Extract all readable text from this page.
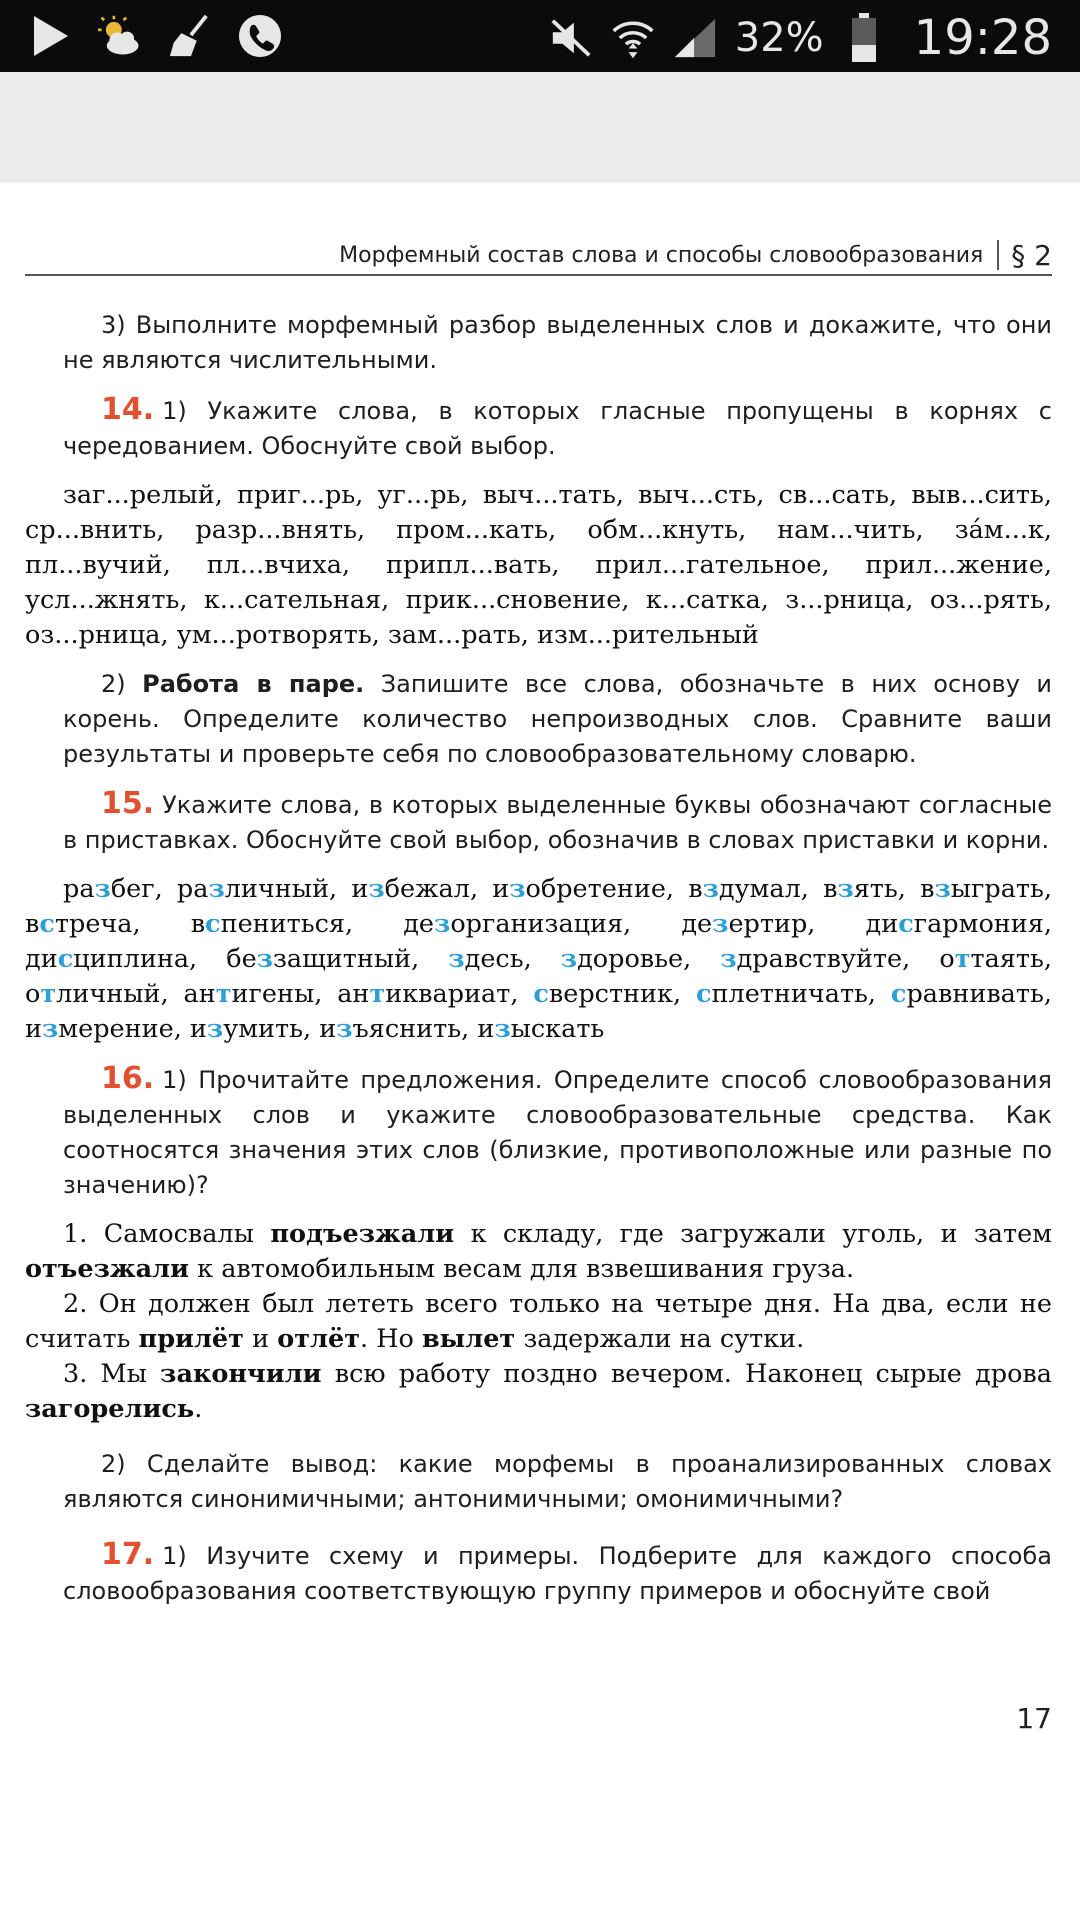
32% 19:28
Морфемный состав слова и способы словообразования	§ 2

3) Выполните морфемный разбор выделенных слов и докажите, что они не являются числительными.

14. 1) Укажите слова, в которых гласные пропущены в корнях с чередованием. Обоснуйте свой выбор.

заг...релый, приг...рь, уг...рь, выч...тать, выч...сть, св...сать, выв...сить, ср...внить, разр...внять, пром...кать, обм...кнуть, нам...чить, за́м...к, пл...вучий, пл...вчиха, припл...вать, прил...гательное, прил...жение, усл...жнять, к...сательная, прик...сновение, к...сатка, з...рница, оз...рять, оз...рница, ум...ротворять, зам...рать, изм...рительный

2) Работа в паре. Запишите все слова, обозначьте в них основу и корень. Определите количество непроизводных слов. Сравните ваши результаты и проверьте себя по словообразовательному словарю.

15. Укажите слова, в которых выделенные буквы обозначают согласные в приставках. Обоснуйте свой выбор, обозначив в словах приставки и корни.

разбег, различный, избежал, изобретение, вздумал, взять, взыграть, встреча, вспениться, дезорганизация, дезертир, дисгармония, дисциплина, беззащитный, здесь, здоровье, здравствуйте, оттаять, отличный, антигены, антиквариат, сверстник, сплетничать, сравнивать, измерение, изумить, изъяснить, изыскать

16. 1) Прочитайте предложения. Определите способ словообразования выделенных слов и укажите словообразовательные средства. Как соотносятся значения этих слов (близкие, противоположные или разные по значению)?

1. Самосвалы подъезжали к складу, где загружали уголь, и затем отъезжали к автомобильным весам для взвешивания груза.

2. Он должен был лететь всего только на четыре дня. На два, если не считать прилёт и отлёт. Но вылет задержали на сутки.

3. Мы закончили всю работу поздно вечером. Наконец сырые дрова загорелись.

2) Сделайте вывод: какие морфемы в проанализированных словах являются синонимичными; антонимичными; омонимичными?

17. 1) Изучите схему и примеры. Подберите для каждого способа словообразования соответствующую группу примеров и обоснуйте свой

17
